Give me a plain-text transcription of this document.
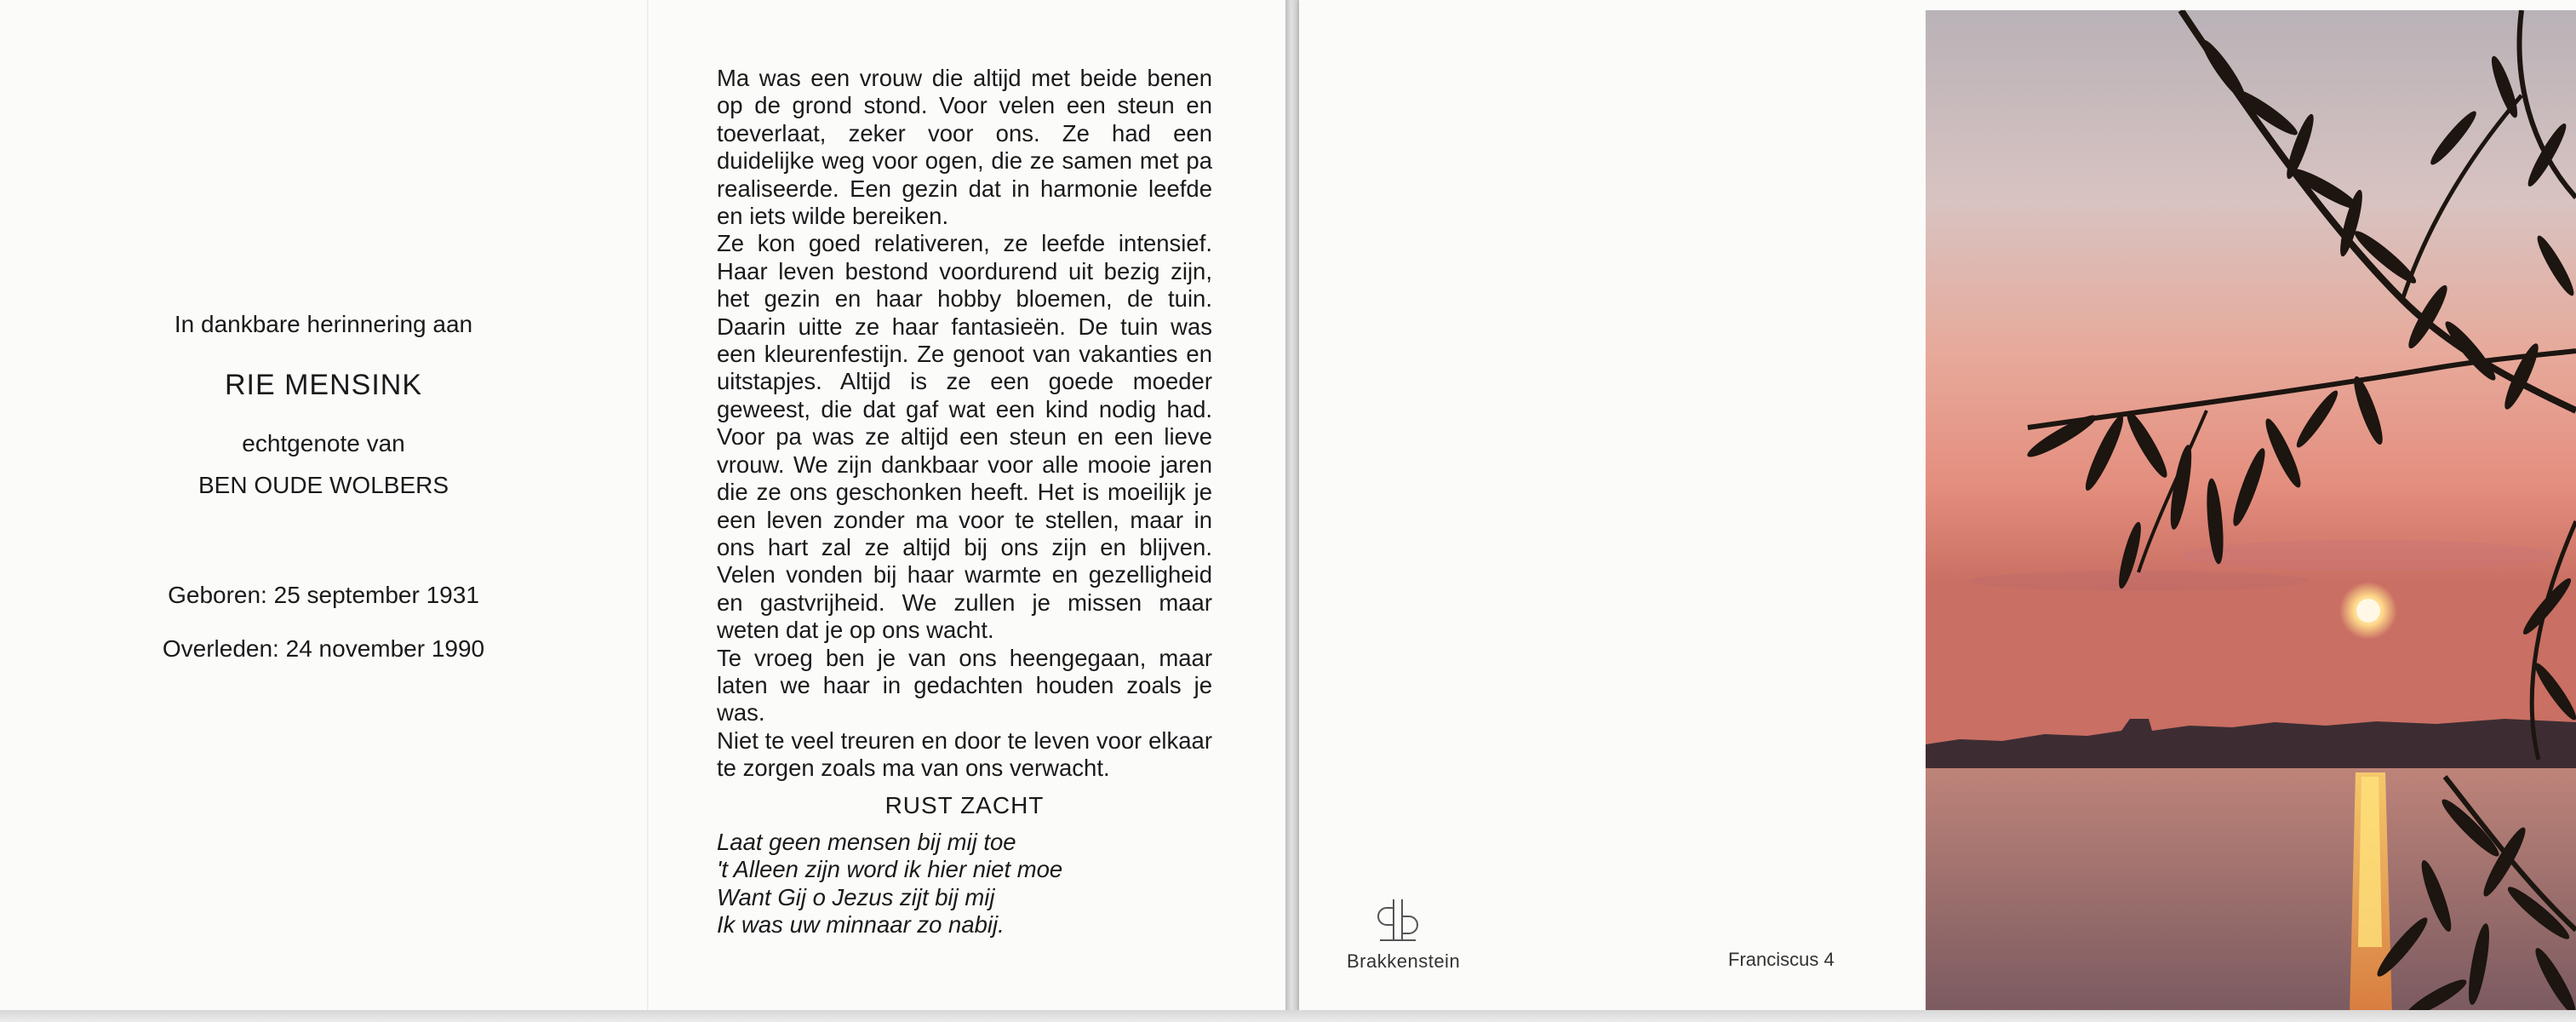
In dankbare herinnering aan
RIE MENSINK
echtgenote van
BEN OUDE WOLBERS
Geboren: 25 september 1931
Overleden: 24 november 1990

Ma was een vrouw die altijd met beide benen op de grond stond. Voor velen een steun en toeverlaat, zeker voor ons. Ze had een duidelijke weg voor ogen, die ze samen met pa realiseerde. Een gezin dat in harmonie leefde en iets wilde bereiken.

Ze kon goed relativeren, ze leefde intensief. Haar leven bestond voordurend uit bezig zijn, het gezin en haar hobby bloemen, de tuin. Daarin uitte ze haar fantasieën. De tuin was een kleurenfestijn. Ze genoot van vakanties en uitstapjes. Altijd is ze een goede moeder geweest, die dat gaf wat een kind nodig had. Voor pa was ze altijd een steun en een lieve vrouw. We zijn dankbaar voor alle mooie jaren die ze ons geschonken heeft. Het is moeilijk je een leven zonder ma voor te stellen, maar in ons hart zal ze altijd bij ons zijn en blijven. Velen vonden bij haar warmte en gezelligheid en gastvrijheid. We zullen je missen maar weten dat je op ons wacht.

Te vroeg ben je van ons heengegaan, maar laten we haar in gedachten houden zoals je was.

Niet te veel treuren en door te leven voor elkaar te zorgen zoals ma van ons verwacht.

RUST ZACHT
Laat geen mensen bij mij toe
't Alleen zijn word ik hier niet moe
Want Gij o Jezus zijt bij mij
Ik was uw minnaar zo nabij.
Brakkenstein	Franciscus 4
